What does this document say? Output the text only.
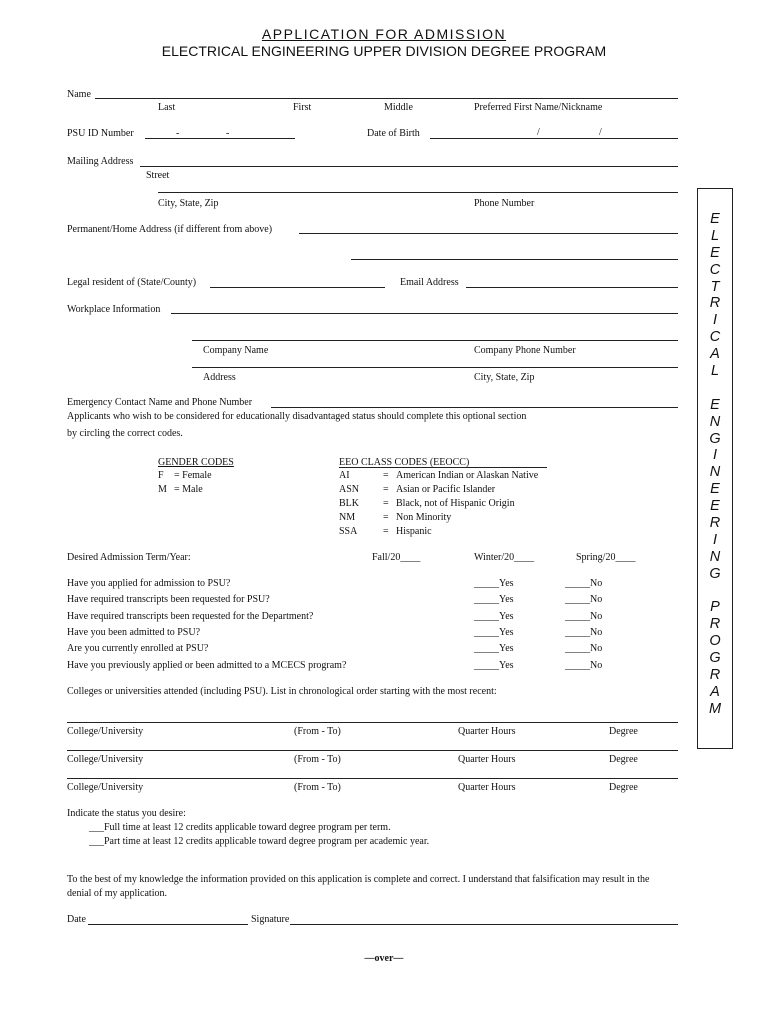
APPLICATION FOR ADMISSION
ELECTRICAL ENGINEERING UPPER DIVISION DEGREE PROGRAM
E
L
E
C
T
R
I
C
A
L

E
N
G
I
N
E
E
R
I
N
G

P
R
O
G
R
A
M
Name
Last	First	Middle	Preferred First Name/Nickname
PSU ID Number	-	-	Date of Birth	/	/
Mailing Address
Street
City, State, Zip	Phone Number
Permanent/Home Address (if different from above)
Legal resident of (State/County)	Email Address
Workplace Information
Company Name	Company Phone Number
Address	City, State, Zip
Emergency Contact Name and Phone Number
Applicants who wish to be considered for educationally disadvantaged status should complete this optional section
by circling the correct codes.
GENDER CODES
F = Female
M = Male
EEO CLASS CODES (EEOCC)
AI	= American Indian or Alaskan Native
ASN = Asian or Pacific Islander
BLK = Black, not of Hispanic Origin
NM	= Non Minority
SSA	= Hispanic
Desired Admission Term/Year:	Fall/20____	Winter/20____	Spring/20____
Have you applied for admission to PSU?	_____Yes	_____No
Have required transcripts been requested for PSU?	_____Yes	_____No
Have required transcripts been requested for the Department?	_____Yes	_____No
Have you been admitted to PSU?	_____Yes	_____No
Are you currently enrolled at PSU?	_____Yes	_____No
Have you previously applied or been admitted to a MCECS program?	_____Yes	_____No
Colleges or universities attended (including PSU). List in chronological order starting with the most recent:
College/University	(From - To)	Quarter Hours	Degree
College/University	(From - To)	Quarter Hours	Degree
College/University	(From - To)	Quarter Hours	Degree
Indicate the status you desire:
___Full time at least 12 credits applicable toward degree program per term.
___Part time at least 12 credits applicable toward degree program per academic year.
To the best of my knowledge the information provided on this application is complete and correct. I understand that falsification may result in the
denial of my application.
Date	Signature
—over—
